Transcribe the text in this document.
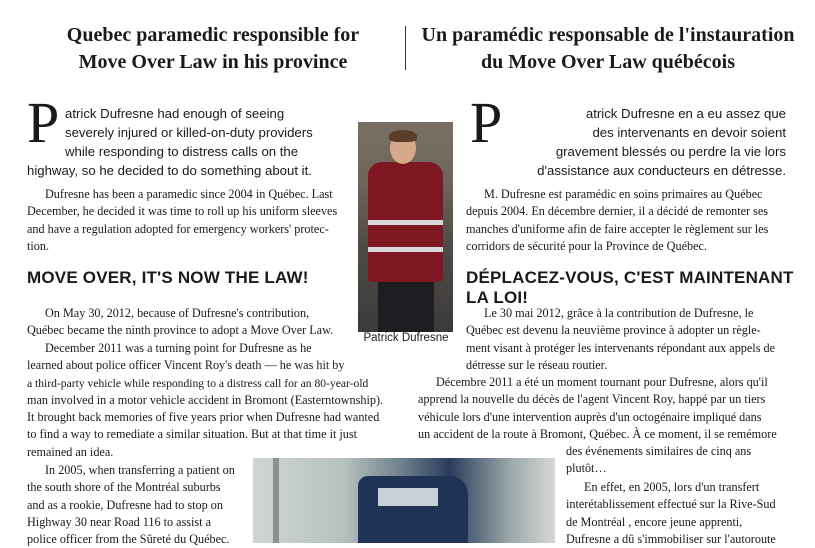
Quebec paramedic responsible for
Move Over Law in his province
P atrick Dufresne had enough of seeing
severely injured or killed-on-duty providers
while responding to distress calls on the
highway, so he decided to do something about it.

Dufresne has been a paramedic since 2004 in Québec. Last
December, he decided it was time to roll up his uniform sleeves
and have a regulation adopted for emergency workers' protec-
tion.

MOVE OVER, IT'S NOW THE LAW!

On May 30, 2012, because of Dufresne's contribution,
Québec became the ninth province to adopt a Move Over Law.

December 2011 was a turning point for Dufresne as he
learned about police officer Vincent Roy's death — he was hit by
a third-party vehicle while responding to a distress call for an 80-year-old
man involved in a motor vehicle accident in Bromont (Easterntownship).
It brought back memories of five years prior when Dufresne had wanted
to find a way to remediate a similar situation. But at that time it just
remained an idea.

In 2005, when transferring a patient on
the south shore of the Montréal suburbs
and as a rookie, Dufresne had to stop on
Highway 30 near Road 116 to assist a
police officer from the Sûreté du Québec.

Un paramédic responsable de l'instauration
du Move Over Law québécois
P	atrick Dufresne en a eu assez que
des intervenants en devoir soient
gravement blessés ou perdre la vie lors
d'assistance aux conducteurs en détresse.

M. Dufresne est paramédic en soins primaires au Québec
depuis 2004. En décembre dernier, il a décidé de remonter ses
manches d'uniforme afin de faire accepter le règlement sur les
corridors de sécurité pour la Province de Québec.

DÉPLACEZ-VOUS, C'EST MAINTENANT LA LOI!

Le 30 mai 2012, grâce à la contribution de Dufresne, le
Québec est devenu la neuvième province à adopter un règle-
ment visant à protéger les intervenants répondant aux appels de
détresse sur le réseau routier.

Décembre 2011 a été un moment tournant pour Dufresne, alors qu'il
apprend la nouvelle du décès de l'agent Vincent Roy, happé par un tiers
véhicule lors d'une intervention auprès d'un octogénaire impliqué dans
un accident de la route à Bromont, Québec. À ce moment, il se remémore
des événements similaires de cinq ans
plutôt…

En effet, en 2005, lors d'un transfert
interétablissement effectué sur la Rive-Sud
de Montréal , encore jeune apprenti,
Dufresne a dû s'immobiliser sur l'autoroute

Patrick Dufresne
